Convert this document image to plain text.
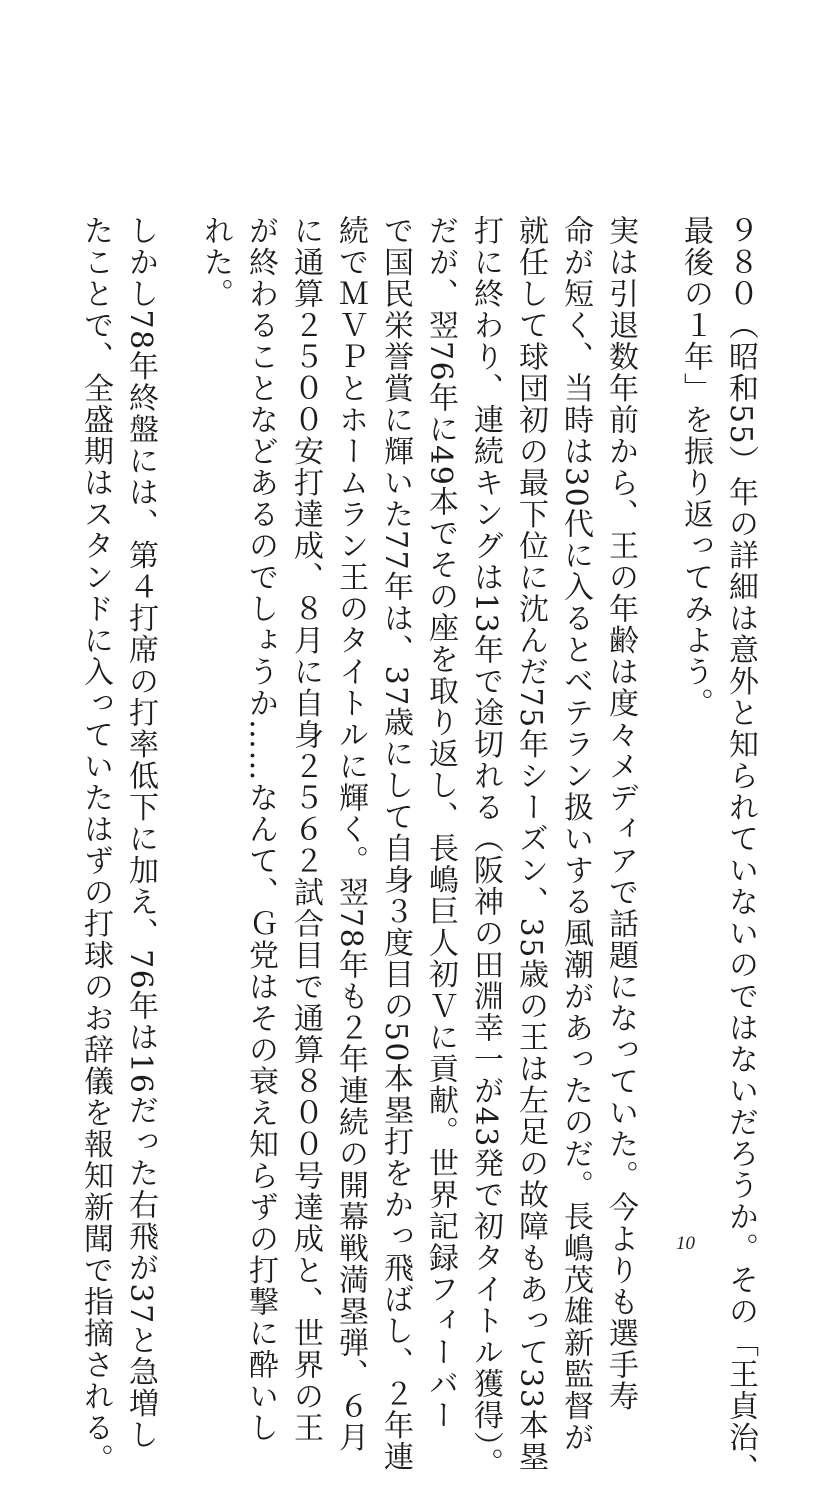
９８０（昭和55）年の詳細は意外と知られていないのではないだろうか。その「王貞治、
最後の１年」を振り返ってみよう。
実は引退数年前から、王の年齢は度々メディアで話題になっていた。今よりも選手寿
命が短く、当時は30代に入るとベテラン扱いする風潮があったのだ。長嶋茂雄新監督が
就任して球団初の最下位に沈んだ75年シーズン、35歳の王は左足の故障もあって33本塁
打に終わり、連続キングは13年で途切れる（阪神の田淵幸一が43発で初タイトル獲得）。
だが、翌76年に49本でその座を取り返し、長嶋巨人初Ｖに貢献。世界記録フィーバー
で国民栄誉賞に輝いた77年は、37歳にして自身３度目の50本塁打をかっ飛ばし、２年連
続でＭＶＰとホームラン王のタイトルに輝く。翌78年も２年連続の開幕戦満塁弾、６月
に通算２５００安打達成、８月に自身２５６２試合目で通算８００号達成と、世界の王
が終わることなどあるのでしょうか……なんて、Ｇ党はその衰え知らずの打撃に酔いし
れた。
しかし78年終盤には、第４打席の打率低下に加え、76年は16だった右飛が37と急増し
たことで、全盛期はスタンドに入っていたはずの打球のお辞儀を報知新聞で指摘される。	10
